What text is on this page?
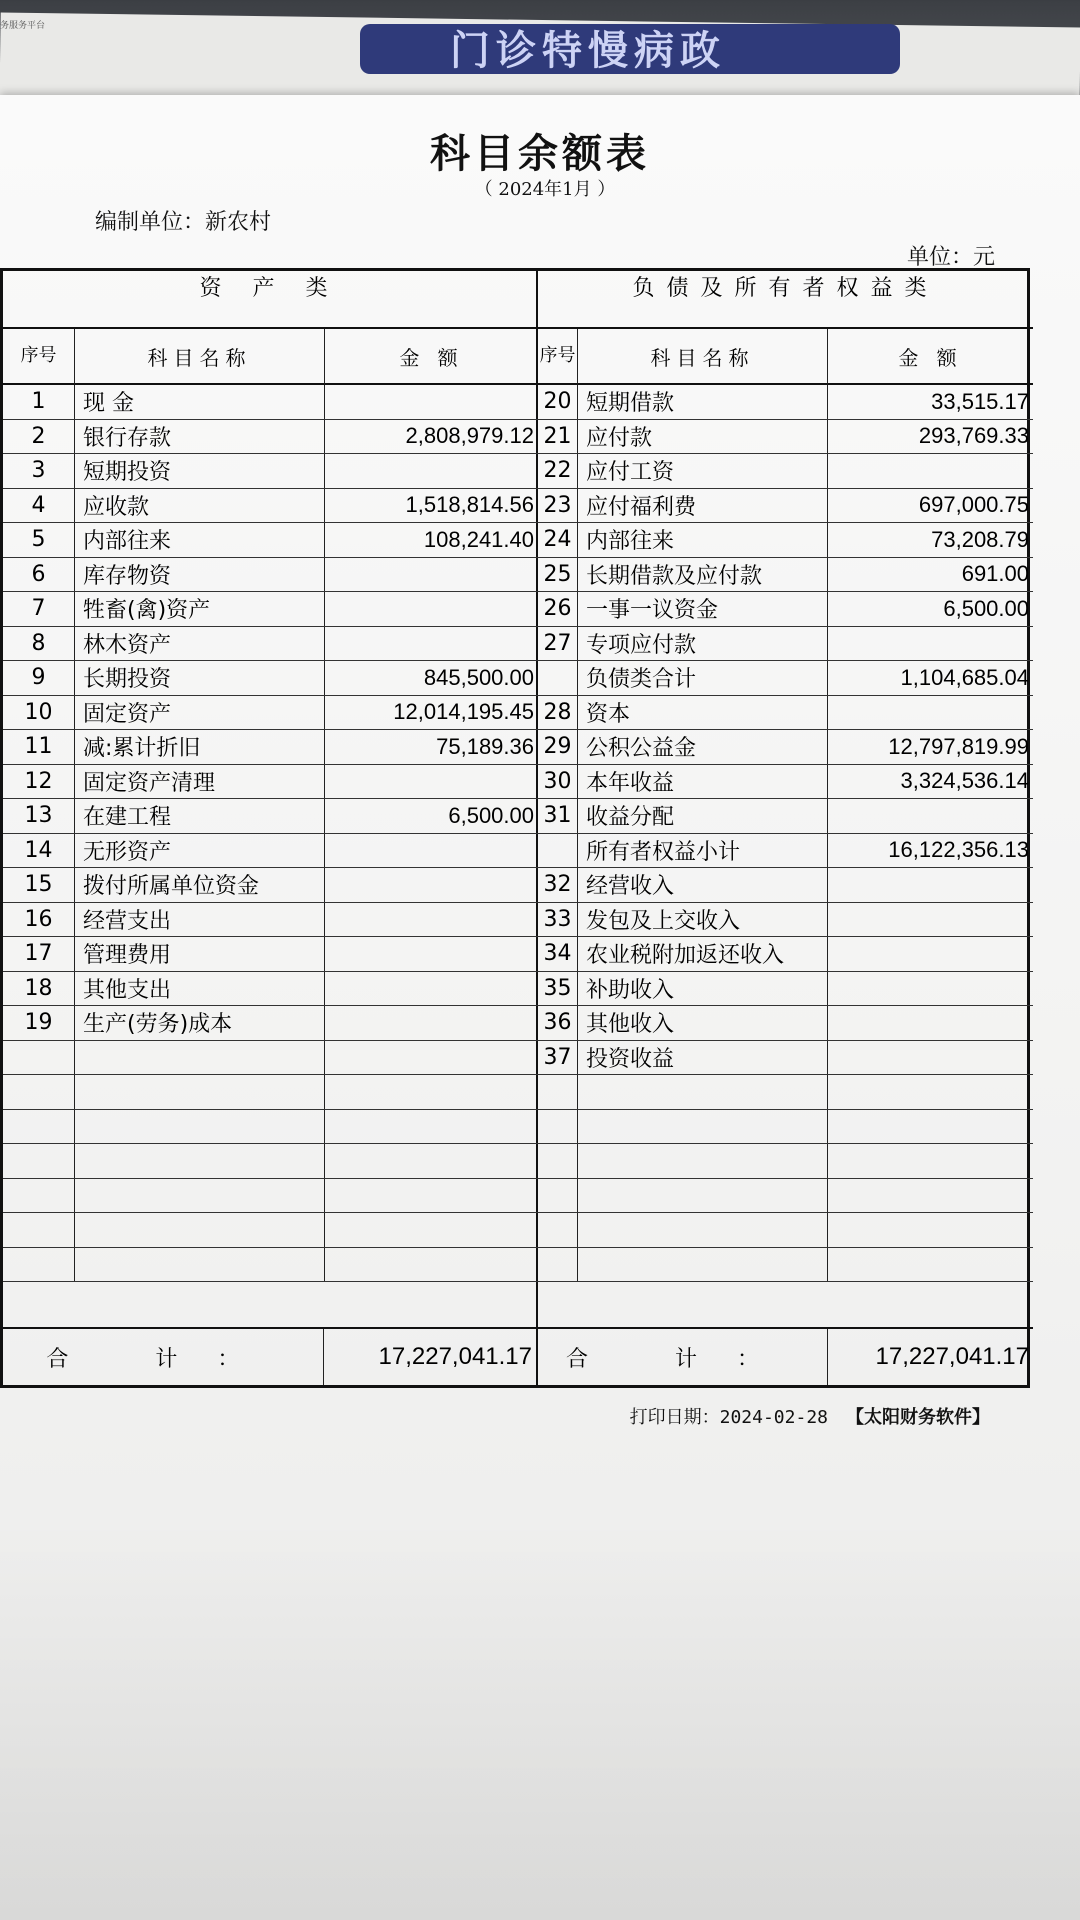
务服务平台
门诊特慢病政
科目余额表
（ 2024年1月 ）
编制单位：新农村
单位：元
资 产 类
序号	科目名称	金 额
1	现 金
2	银行存款	2,808,979.12
3	短期投资
4	应收款	1,518,814.56
5	内部往来	108,241.40
6	库存物资
7	牲畜(禽)资产
8	林木资产
9	长期投资	845,500.00
10	固定资产	12,014,195.45
11	减:累计折旧	75,189.36
12	固定资产清理
13	在建工程	6,500.00
14	无形资产
15	拨付所属单位资金
16	经营支出
17	管理费用
18	其他支出
19	生产(劳务)成本
合 计：	17,227,041.17
负债及所有者权益类
序号	科目名称	金 额
20 短期借款	33,515.17
21 应付款	293,769.33
22 应付工资
23 应付福利费	697,000.75
24 内部往来	73,208.79
25 长期借款及应付款	691.00
26 一事一议资金	6,500.00
27 专项应付款
负债类合计	1,104,685.04
28 资本
29 公积公益金	12,797,819.99
30 本年收益	3,324,536.14
31 收益分配
所有者权益小计	16,122,356.13
32 经营收入
33 发包及上交收入
34 农业税附加返还收入
35 补助收入
36 其他收入
37 投资收益
合 计：	17,227,041.17
打印日期：2024-02-28 【太阳财务软件】
